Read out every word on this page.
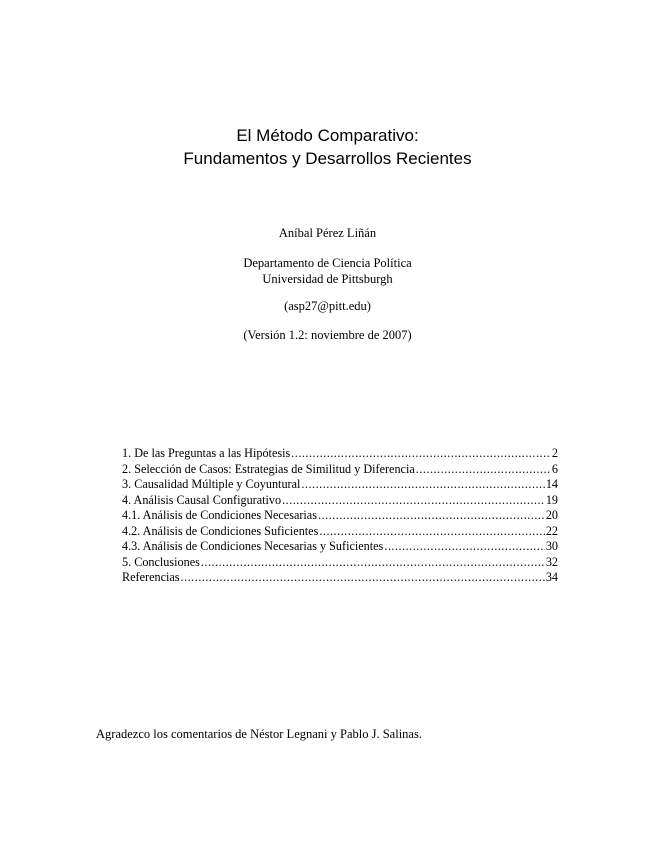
El Método Comparativo:
Fundamentos y Desarrollos Recientes
Aníbal Pérez Liñán
Departamento de Ciencia Política
Universidad de Pittsburgh
(asp27@pitt.edu)
(Versión 1.2: noviembre de 2007)
1. De las Preguntas a las Hipótesis .....	2
2. Selección de Casos: Estrategias de Similitud y Diferencia .....	6
3. Causalidad Múltiple y Coyuntural .....	14
4. Análisis Causal Configurativo .....	19
4.1. Análisis de Condiciones Necesarias .....	20
4.2. Análisis de Condiciones Suficientes .....	22
4.3. Análisis de Condiciones Necesarias y Suficientes .....	30
5. Conclusiones .....	32
Referencias .....	34
Agradezco los comentarios de Néstor Legnani y Pablo J. Salinas.
